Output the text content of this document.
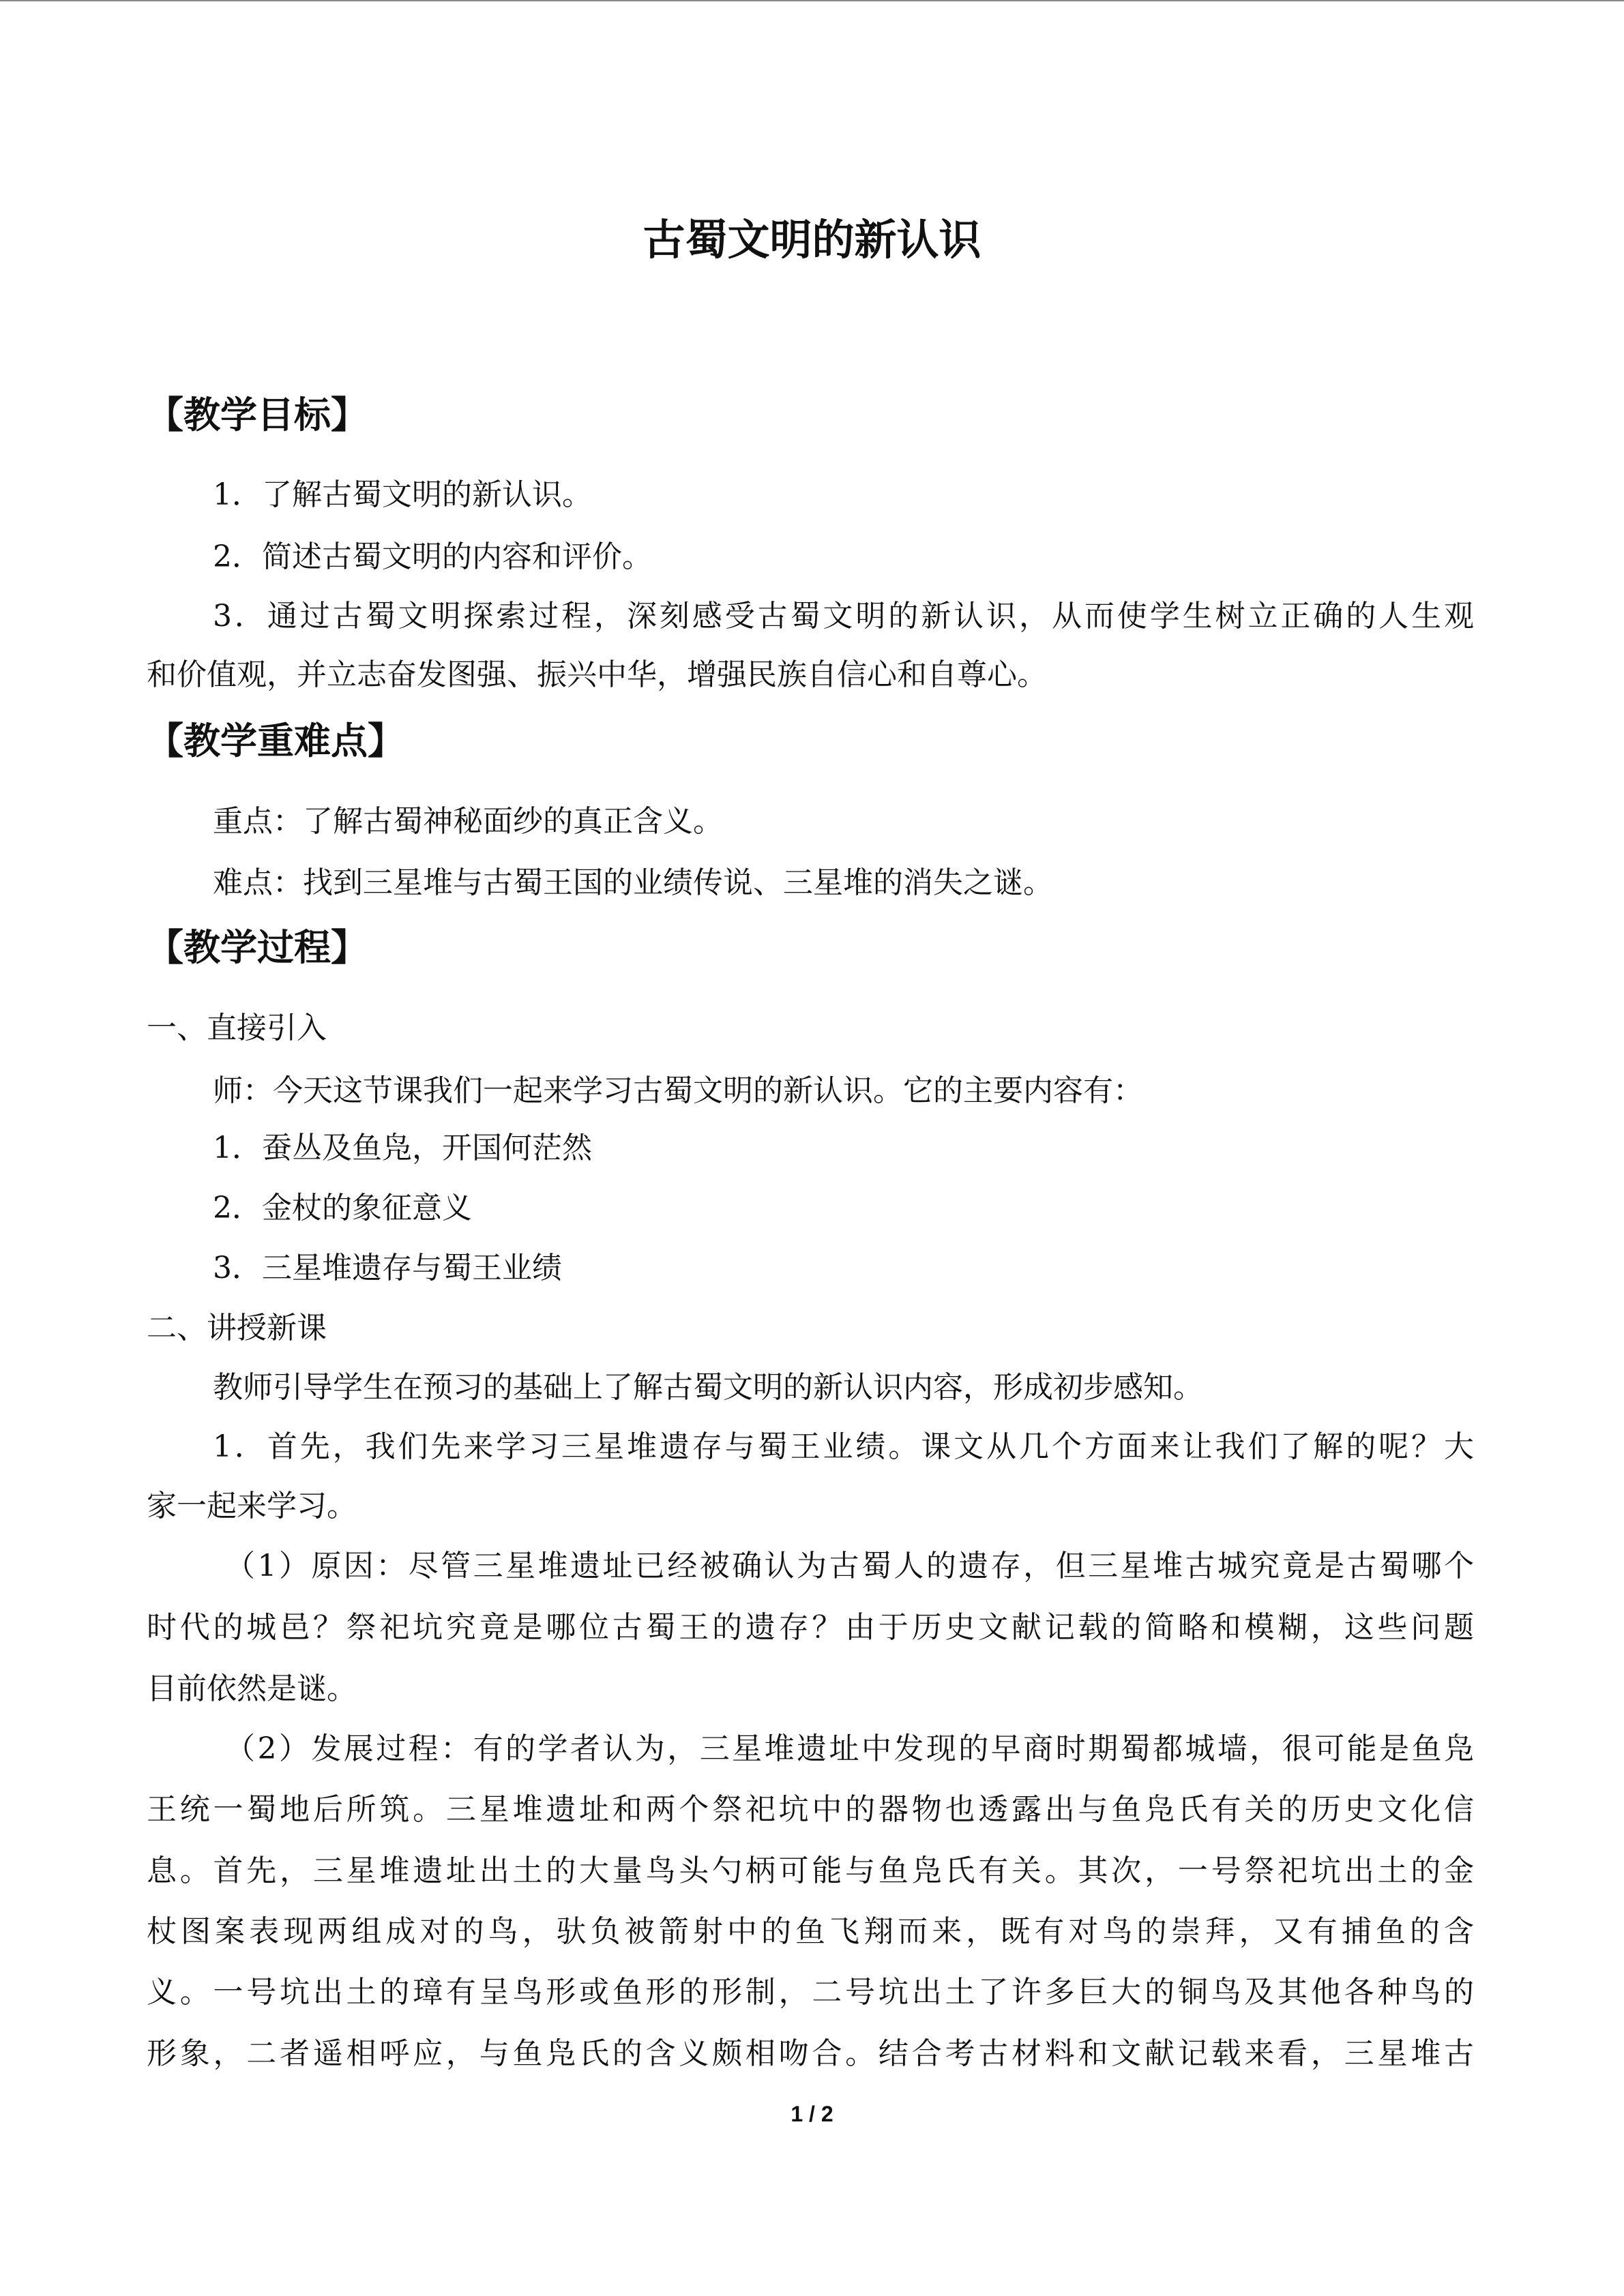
古蜀文明的新认识
【教学目标】
1．了解古蜀文明的新认识。
2．简述古蜀文明的内容和评价。
3．通过古蜀文明探索过程，深刻感受古蜀文明的新认识，从而使学生树立正确的人生观
和价值观，并立志奋发图强、振兴中华，增强民族自信心和自尊心。
【教学重难点】
重点：了解古蜀神秘面纱的真正含义。
难点：找到三星堆与古蜀王国的业绩传说、三星堆的消失之谜。
【教学过程】
一、直接引入
师：今天这节课我们一起来学习古蜀文明的新认识。它的主要内容有：
1．蚕丛及鱼凫，开国何茫然
2．金杖的象征意义
3．三星堆遗存与蜀王业绩
二、讲授新课
教师引导学生在预习的基础上了解古蜀文明的新认识内容，形成初步感知。
1．首先，我们先来学习三星堆遗存与蜀王业绩。课文从几个方面来让我们了解的呢？大
家一起来学习。
（1）原因：尽管三星堆遗址已经被确认为古蜀人的遗存，但三星堆古城究竟是古蜀哪个
时代的城邑？祭祀坑究竟是哪位古蜀王的遗存？由于历史文献记载的简略和模糊，这些问题
目前依然是谜。
（2）发展过程：有的学者认为，三星堆遗址中发现的早商时期蜀都城墙，很可能是鱼凫
王统一蜀地后所筑。三星堆遗址和两个祭祀坑中的器物也透露出与鱼凫氏有关的历史文化信
息。首先，三星堆遗址出土的大量鸟头勺柄可能与鱼凫氏有关。其次，一号祭祀坑出土的金
杖图案表现两组成对的鸟，驮负被箭射中的鱼飞翔而来，既有对鸟的崇拜，又有捕鱼的含
义。一号坑出土的璋有呈鸟形或鱼形的形制，二号坑出土了许多巨大的铜鸟及其他各种鸟的
形象，二者遥相呼应，与鱼凫氏的含义颇相吻合。结合考古材料和文献记载来看，三星堆古
1 / 2
